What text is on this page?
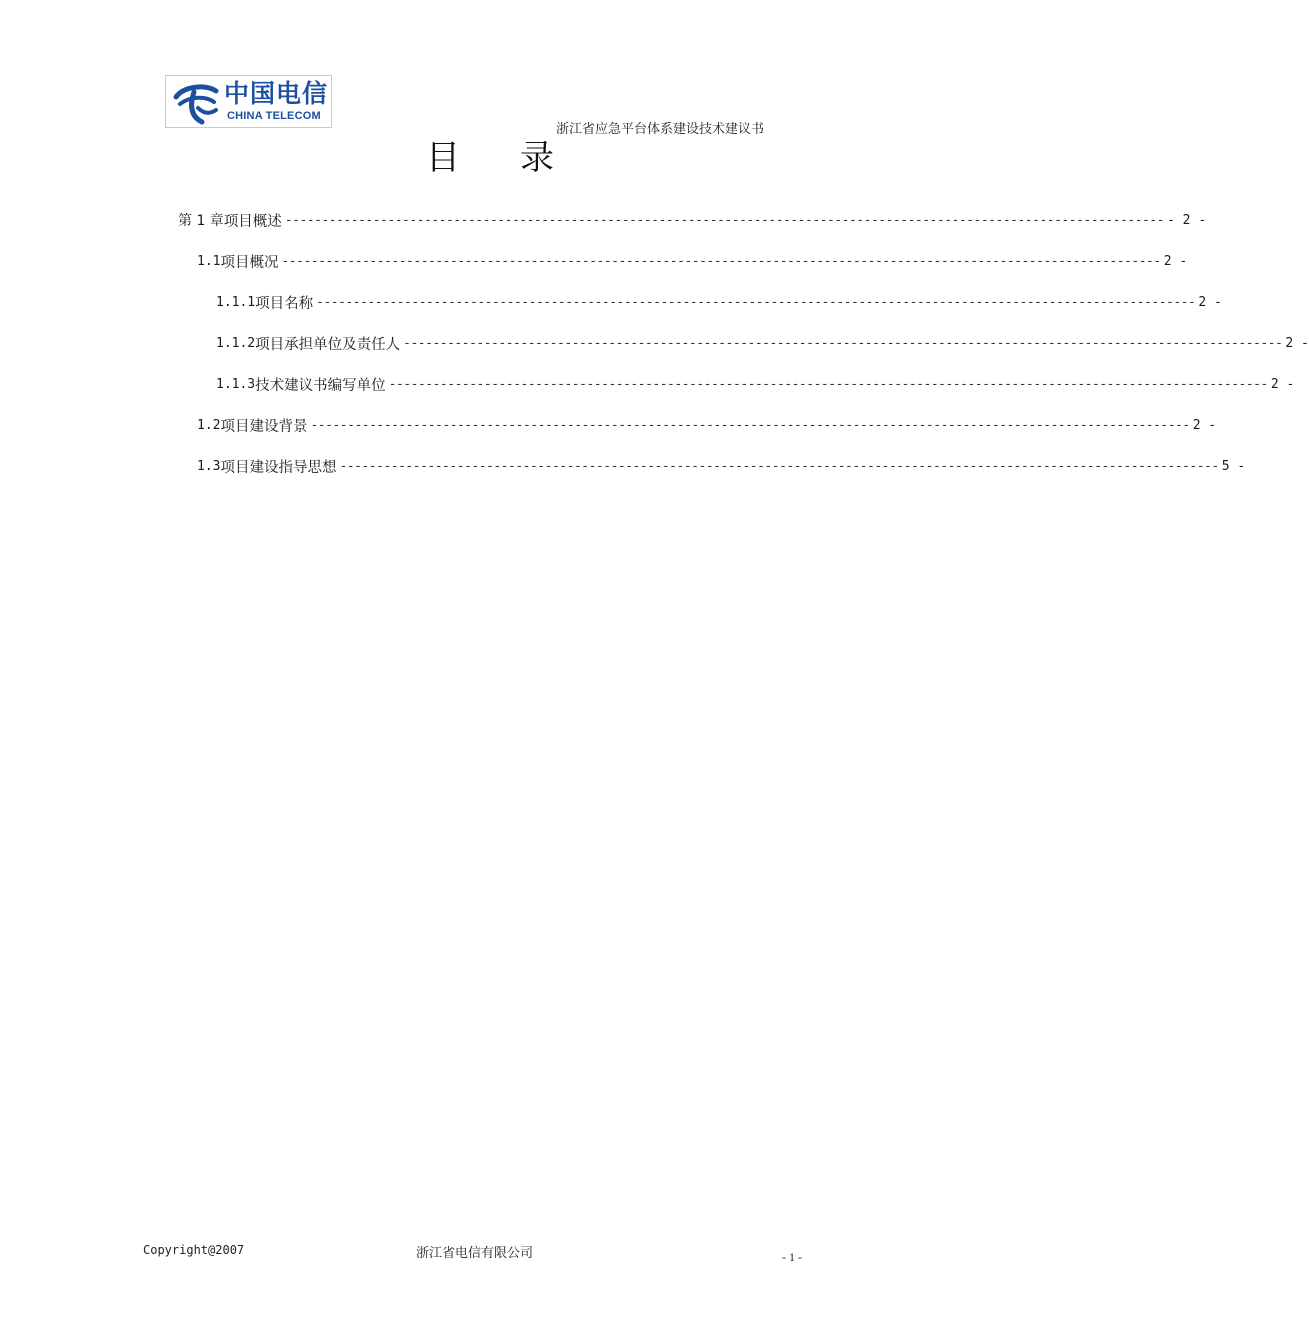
中国电信
CHINA TELECOM
浙江省应急平台体系建设技术建议书
目录
第 1 章 项目概述 ------------------------------------------------------------------------------------------------------------------------ - 2 -
1.1 项目概况 ------------------------------------------------------------------------------------------------------------------------ 2 -
1.1.1 项目名称 ------------------------------------------------------------------------------------------------------------------------ 2 -
1.1.2 项目承担单位及责任人 ------------------------------------------------------------------------------------------------------------------------ 2 -
1.1.3 技术建议书编写单位 ------------------------------------------------------------------------------------------------------------------------ 2 -
1.2 项目建设背景 ------------------------------------------------------------------------------------------------------------------------ 2 -
1.3 项目建设指导思想 ------------------------------------------------------------------------------------------------------------------------ 5 -
Copyright@2007	浙江省电信有限公司	- 1 -
